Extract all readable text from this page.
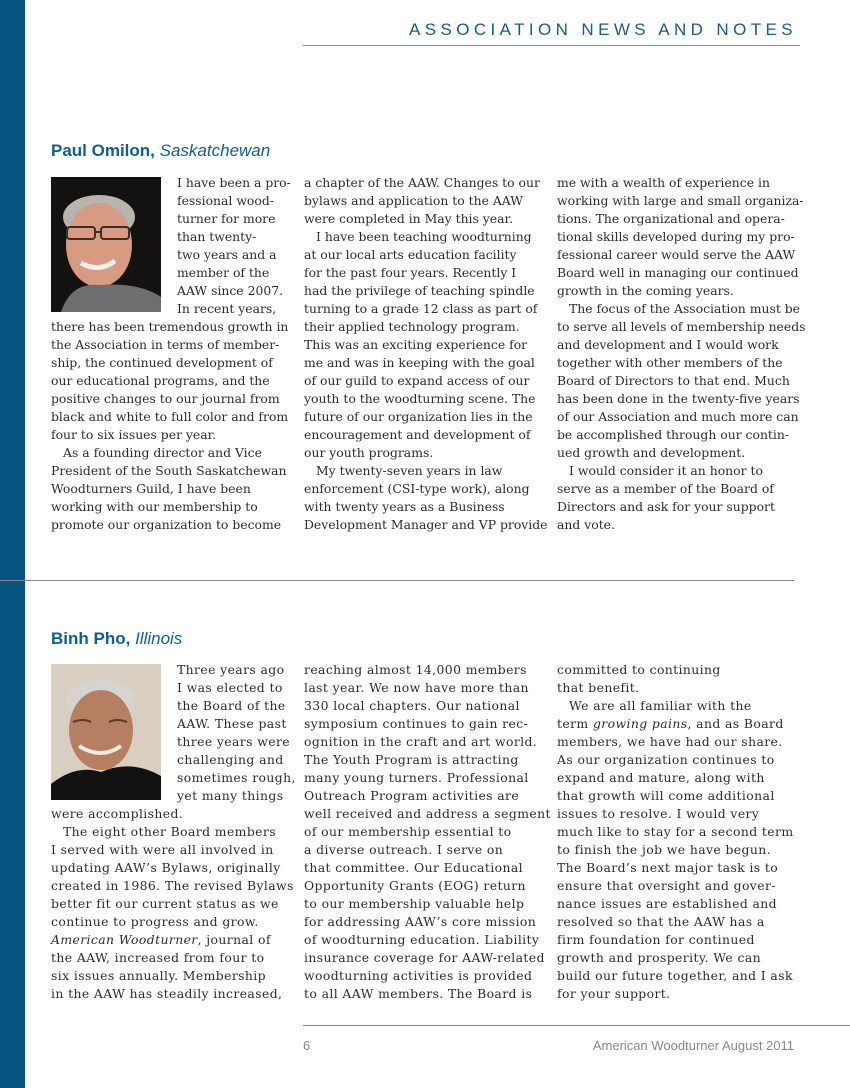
ASSOCIATION NEWS AND NOTES
Paul Omilon, Saskatchewan
I have been a pro-
fessional wood-
turner for more
than twenty-
two years and a
member of the
AAW since 2007.
In recent years,
there has been tremendous growth in
the Association in terms of member-
ship, the continued development of
our educational programs, and the
positive changes to our journal from
black and white to full color and from
four to six issues per year.
As a founding director and Vice
President of the South Saskatchewan
Woodturners Guild, I have been
working with our membership to
promote our organization to become
a chapter of the AAW. Changes to our
bylaws and application to the AAW
were completed in May this year.
I have been teaching woodturning
at our local arts education facility
for the past four years. Recently I
had the privilege of teaching spindle
turning to a grade 12 class as part of
their applied technology program.
This was an exciting experience for
me and was in keeping with the goal
of our guild to expand access of our
youth to the woodturning scene. The
future of our organization lies in the
encouragement and development of
our youth programs.
My twenty-seven years in law
enforcement (CSI-type work), along
with twenty years as a Business
Development Manager and VP provide
me with a wealth of experience in
working with large and small organiza-
tions. The organizational and opera-
tional skills developed during my pro-
fessional career would serve the AAW
Board well in managing our continued
growth in the coming years.
The focus of the Association must be
to serve all levels of membership needs
and development and I would work
together with other members of the
Board of Directors to that end. Much
has been done in the twenty-five years
of our Association and much more can
be accomplished through our contin-
ued growth and development.
I would consider it an honor to
serve as a member of the Board of
Directors and ask for your support
and vote.
Binh Pho, Illinois
Three years ago
I was elected to
the Board of the
AAW. These past
three years were
challenging and
sometimes rough,
yet many things
were accomplished.
The eight other Board members
I served with were all involved in
updating AAW’s Bylaws, originally
created in 1986. The revised Bylaws
better fit our current status as we
continue to progress and grow.
American Woodturner, journal of
the AAW, increased from four to
six issues annually. Membership
in the AAW has steadily increased,
reaching almost 14,000 members
last year. We now have more than
330 local chapters. Our national
symposium continues to gain rec-
ognition in the craft and art world.
The Youth Program is attracting
many young turners. Professional
Outreach Program activities are
well received and address a segment
of our membership essential to
a diverse outreach. I serve on
that committee. Our Educational
Opportunity Grants (EOG) return
to our membership valuable help
for addressing AAW’s core mission
of woodturning education. Liability
insurance coverage for AAW-related
woodturning activities is provided
to all AAW members. The Board is
committed to continuing
that benefit.
We are all familiar with the
term growing pains, and as Board
members, we have had our share.
As our organization continues to
expand and mature, along with
that growth will come additional
issues to resolve. I would very
much like to stay for a second term
to finish the job we have begun.
The Board’s next major task is to
ensure that oversight and gover-
nance issues are established and
resolved so that the AAW has a
firm foundation for continued
growth and prosperity. We can
build our future together, and I ask
for your support.
6	American Woodturner August 2011
